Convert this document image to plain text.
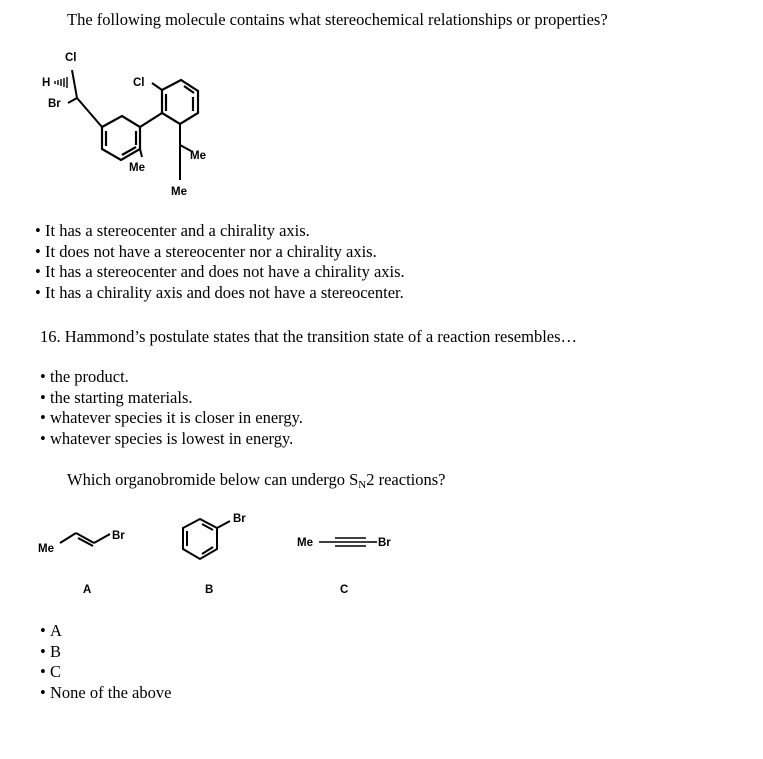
The following molecule contains what stereochemical relationships or properties?
Cl
Me
Me
Me
Cl
H
Br
• It has a stereocenter and a chirality axis.
• It does not have a stereocenter nor a chirality axis.
• It has a stereocenter and does not have a chirality axis.
• It has a chirality axis and does not have a stereocenter.
16. Hammond’s postulate states that the transition state of a reaction resembles…
• the product.
• the starting materials.
• whatever species it is closer in energy.
• whatever species is lowest in energy.
Which organobromide below can undergo SN2 reactions?
Me
Br
A
Br
B
Me	Br
C
• A
• B
• C
• None of the above
